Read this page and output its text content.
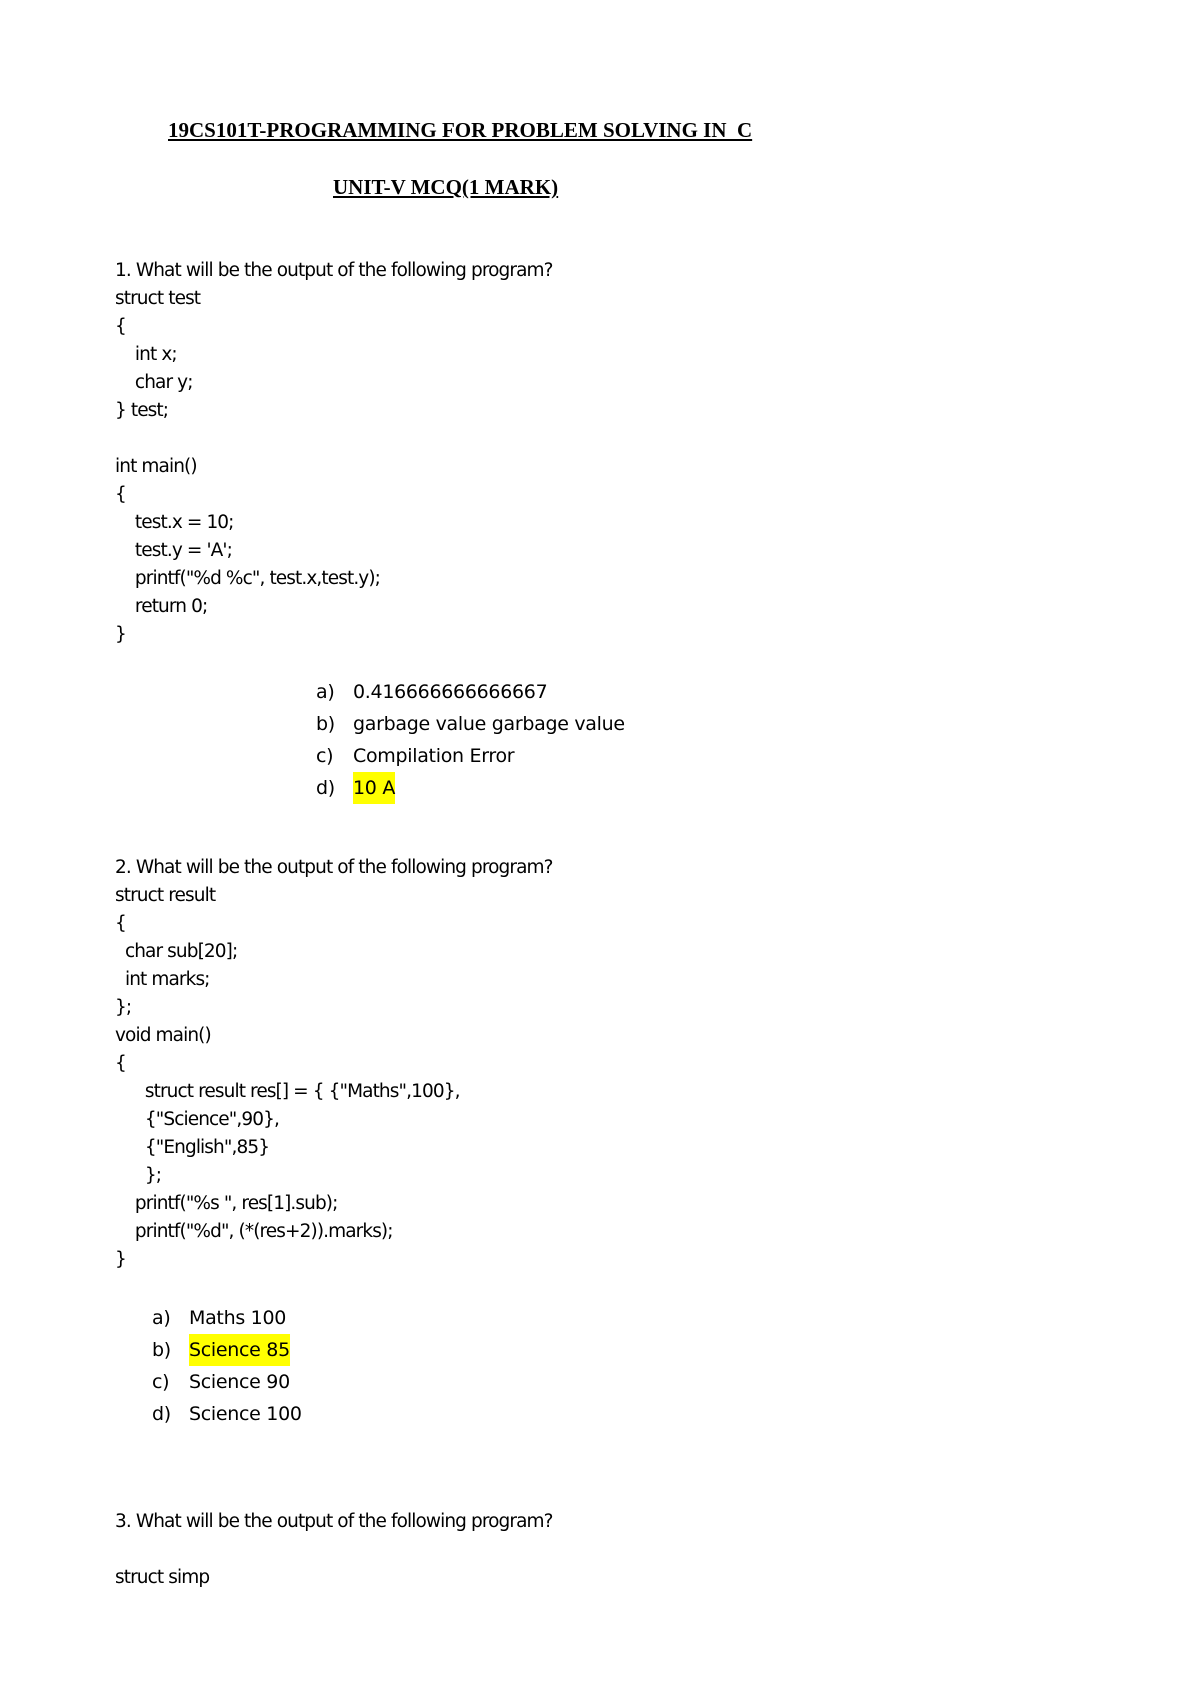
19CS101T-PROGRAMMING FOR PROBLEM SOLVING IN  C
UNIT-V MCQ(1 MARK)
1. What will be the output of the following program?
struct test
{
int x;
char y;
} test;
int main()
{
test.x = 10;
test.y = 'A';
printf("%d %c", test.x,test.y);
return 0;
}
a) 0.416666666666667
b) garbage value garbage value
c)	Compilation Error
d) 10 A
2. What will be the output of the following program?
struct result
{
char sub[20];
int marks;
};
void main()
{
struct result res[] = { {"Maths",100},
{"Science",90},
{"English",85}
};
printf("%s ", res[1].sub);
printf("%d", (*(res+2)).marks);
}
a) Maths 100
b) Science 85
c)	Science 90
d) Science 100
3. What will be the output of the following program?
struct simp
